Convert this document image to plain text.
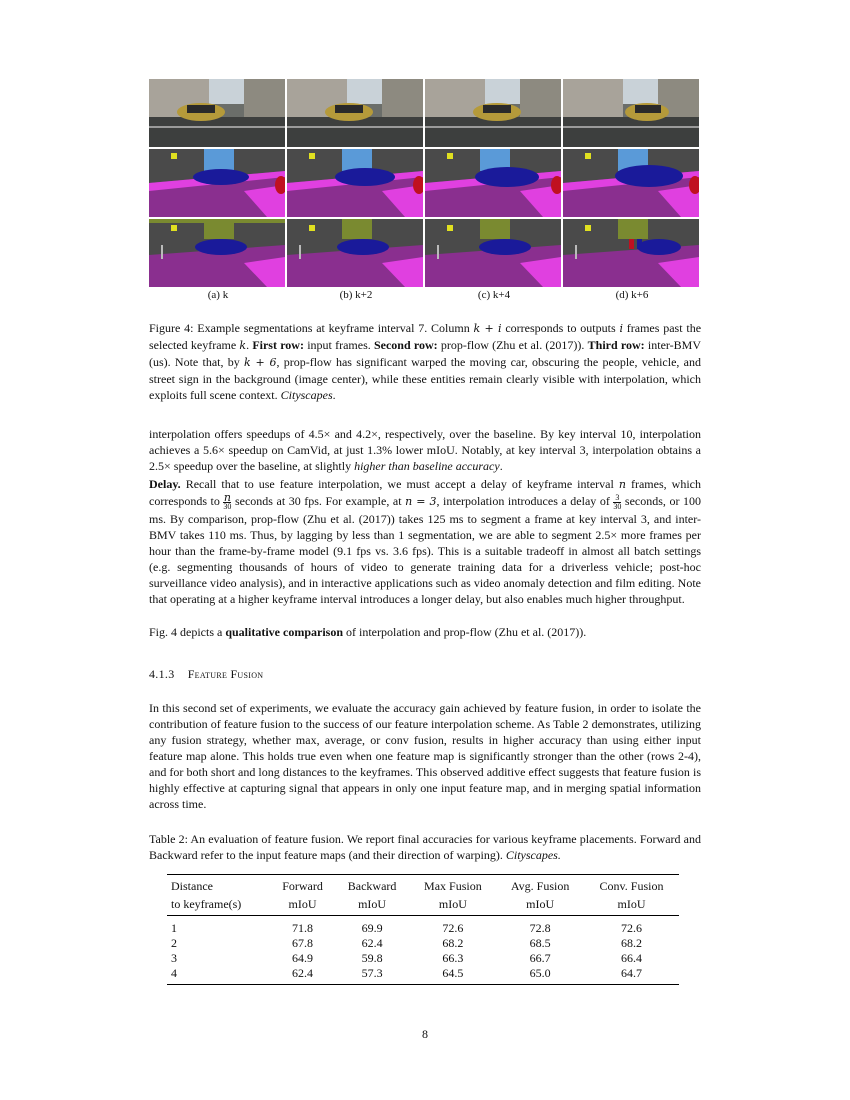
(a) k	(b) k+2	(c) k+4	(d) k+6
Figure 4: Example segmentations at keyframe interval 7. Column k + i corresponds to outputs i frames past the selected keyframe k. First row: input frames. Second row: prop-flow (Zhu et al. (2017)). Third row: inter-BMV (us). Note that, by k + 6, prop-flow has significant warped the moving car, obscuring the people, vehicle, and street sign in the background (image center), while these entities remain clearly visible with interpolation, which exploits full scene context. Cityscapes.

interpolation offers speedups of 4.5× and 4.2×, respectively, over the baseline. By key interval 10, interpolation achieves a 5.6× speedup on CamVid, at just 1.3% lower mIoU. Notably, at key interval 3, interpolation obtains a 2.5× speedup over the baseline, at slightly higher than baseline accuracy.

Delay. Recall that to use feature interpolation, we must accept a delay of keyframe interval n frames, which corresponds to $\frac{n}{30}$ seconds at 30 fps. For example, at n = 3, interpolation introduces a delay of $\frac{3}{30}$ seconds, or 100 ms. By comparison, prop-flow (Zhu et al. (2017)) takes 125 ms to segment a frame at key interval 3, and inter-BMV takes 110 ms. Thus, by lagging by less than 1 segmentation, we are able to segment 2.5× more frames per hour than the frame-by-frame model (9.1 fps vs. 3.6 fps). This is a suitable tradeoff in almost all batch settings (e.g. segmenting thousands of hours of video to generate training data for a driverless vehicle; post-hoc surveillance video analysis), and in interactive applications such as video anomaly detection and film editing. Note that operating at a higher keyframe interval introduces a longer delay, but also enables much higher throughput.

Fig. 4 depicts a qualitative comparison of interpolation and prop-flow (Zhu et al. (2017)).

4.1.3 Feature Fusion

In this second set of experiments, we evaluate the accuracy gain achieved by feature fusion, in order to isolate the contribution of feature fusion to the success of our feature interpolation scheme. As Table 2 demonstrates, utilizing any fusion strategy, whether max, average, or conv fusion, results in higher accuracy than using either input feature map alone. This holds true even when one feature map is significantly stronger than the other (rows 2-4), and for both short and long distances to the keyframes. This observed additive effect suggests that feature fusion is highly effective at capturing signal that appears in only one input feature map, and in merging spatial information across time.

Table 2: An evaluation of feature fusion. We report final accuracies for various keyframe placements. Forward and Backward refer to the input feature maps (and their direction of warping). Cityscapes.
Distance	Forward	Backward	Max Fusion	Avg. Fusion	Conv. Fusion
to keyframe(s)	mIoU	mIoU	mIoU	mIoU	mIoU
1	71.8	69.9	72.6	72.8	72.6
2	67.8	62.4	68.2	68.5	68.2
3	64.9	59.8	66.3	66.7	66.4
4	62.4	57.3	64.5	65.0	64.7
8
